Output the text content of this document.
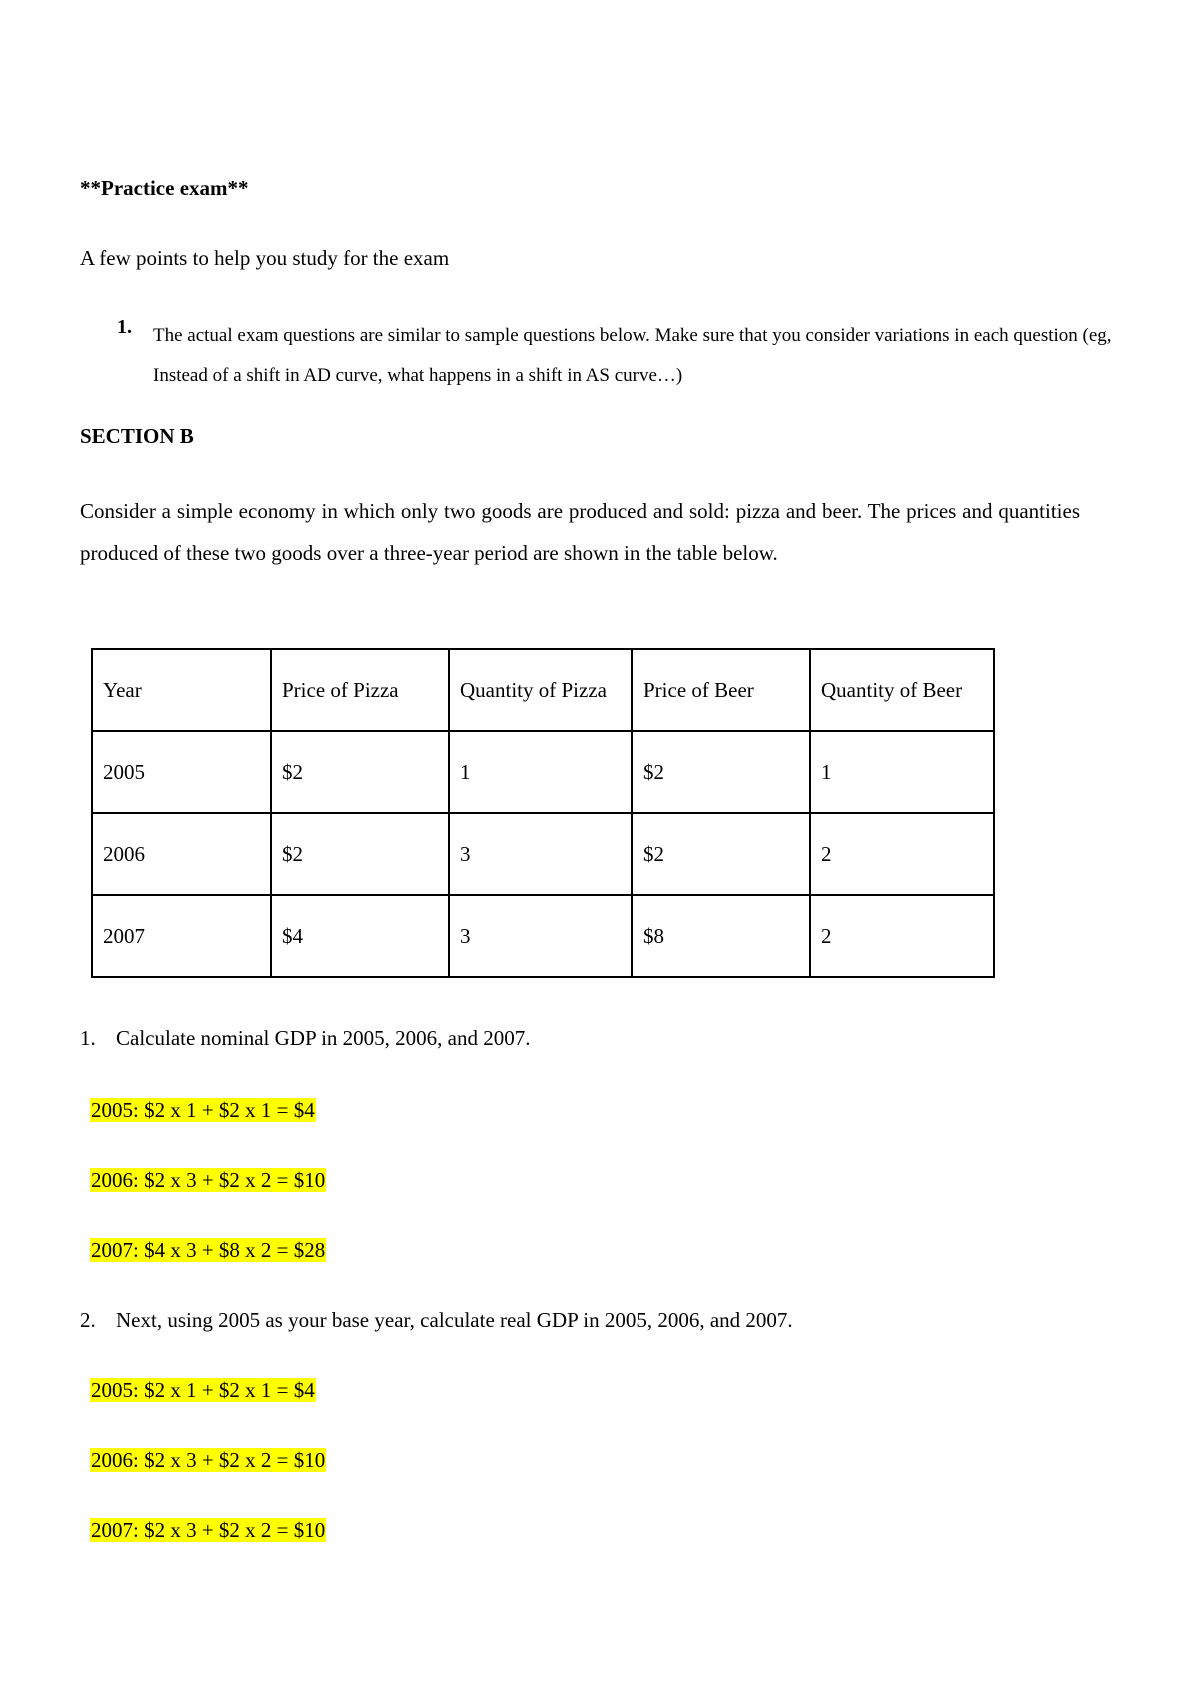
**Practice exam**
A few points to help you study for the exam
1. The actual exam questions are similar to sample questions below. Make sure that you consider variations in each question (eg, Instead of a shift in AD curve, what happens in a shift in AS curve…)
SECTION B
Consider a simple economy in which only two goods are produced and sold: pizza and beer. The prices and quantities produced of these two goods over a three-year period are shown in the table below.
Year	Price of Pizza	Quantity of Pizza	Price of Beer	Quantity of Beer
2005	$2	1	$2	1
2006	$2	3	$2	2
2007	$4	3	$8	2
1. Calculate nominal GDP in 2005, 2006, and 2007.
2005: $2 x 1 + $2 x 1 = $4
2006: $2 x 3 + $2 x 2 = $10
2007: $4 x 3 + $8 x 2 = $28
2. Next, using 2005 as your base year, calculate real GDP in 2005, 2006, and 2007.
2005: $2 x 1 + $2 x 1 = $4
2006: $2 x 3 + $2 x 2 = $10
2007: $2 x 3 + $2 x 2 = $10
